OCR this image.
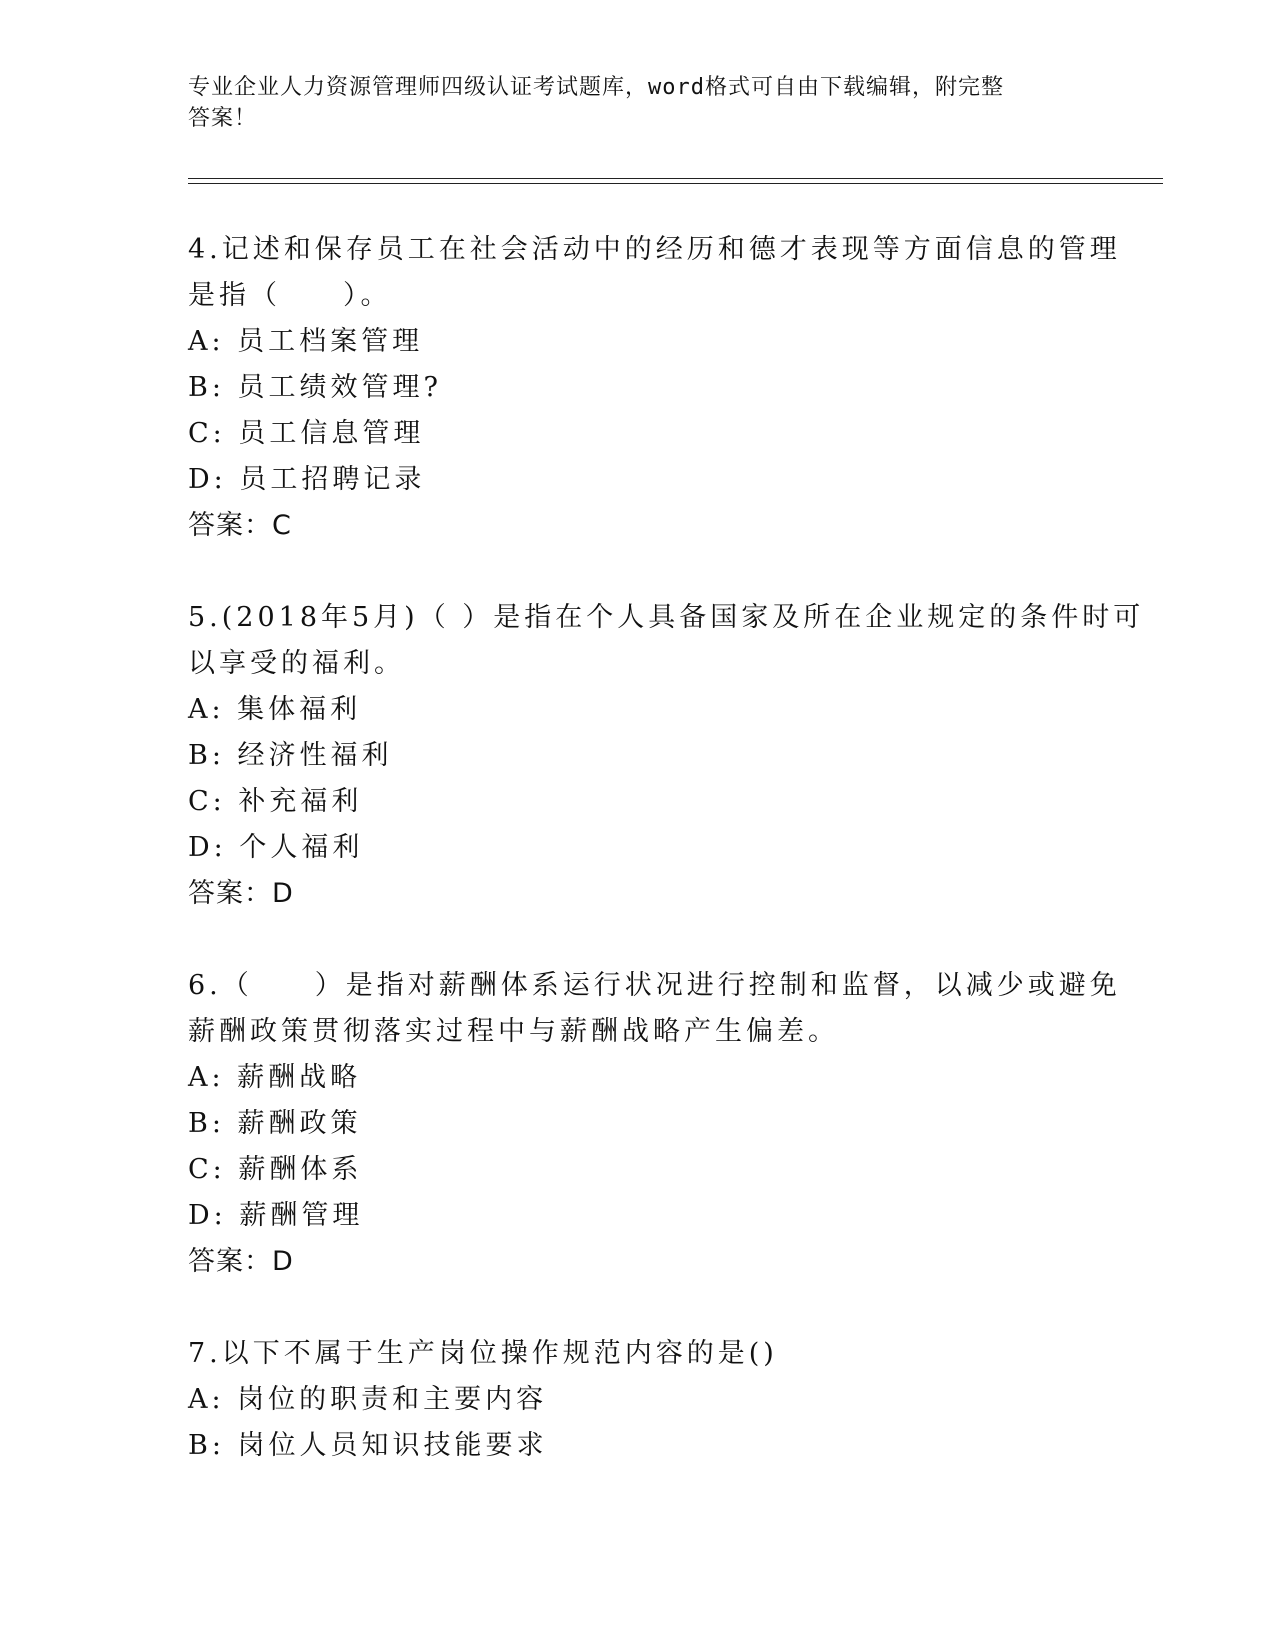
专业企业人力资源管理师四级认证考试题库，word格式可自由下载编辑，附完整
答案！
4.记述和保存员工在社会活动中的经历和德才表现等方面信息的管理
是指（　　）。
A: 员工档案管理
B: 员工绩效管理?
C: 员工信息管理
D: 员工招聘记录
答案：C
5.(2018年5月)（ ）是指在个人具备国家及所在企业规定的条件时可
以享受的福利。
A: 集体福利
B: 经济性福利
C: 补充福利
D: 个人福利
答案：D
6.（　　）是指对薪酬体系运行状况进行控制和监督，以减少或避免
薪酬政策贯彻落实过程中与薪酬战略产生偏差。
A: 薪酬战略
B: 薪酬政策
C: 薪酬体系
D: 薪酬管理
答案：D
7.以下不属于生产岗位操作规范内容的是()
A: 岗位的职责和主要内容
B: 岗位人员知识技能要求
